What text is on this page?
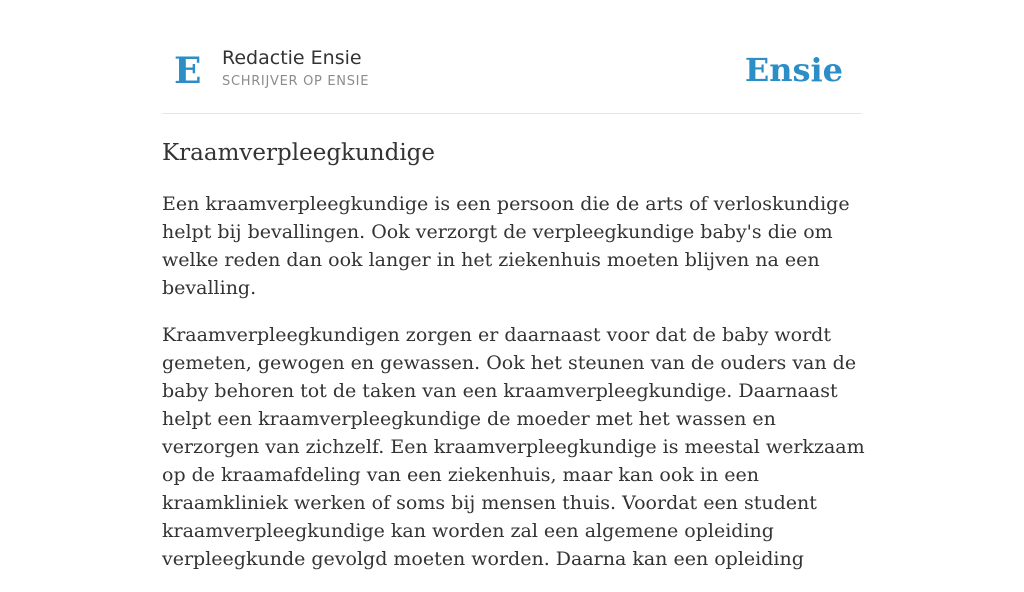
E Redactie Ensie
SCHRIJVER OP ENSIE	Ensie
Kraamverpleegkundige

Een kraamverpleegkundige is een persoon die de arts of verloskundige helpt bij bevallingen. Ook verzorgt de verpleegkundige baby's die om welke reden dan ook langer in het ziekenhuis moeten blijven na een bevalling.

Kraamverpleegkundigen zorgen er daarnaast voor dat de baby wordt gemeten, gewogen en gewassen. Ook het steunen van de ouders van de baby behoren tot de taken van een kraamverpleegkundige. Daarnaast helpt een kraamverpleegkundige de moeder met het wassen en verzorgen van zichzelf. Een kraamverpleegkundige is meestal werkzaam op de kraamafdeling van een ziekenhuis, maar kan ook in een kraamkliniek werken of soms bij mensen thuis. Voordat een student kraamverpleegkundige kan worden zal een algemene opleiding verpleegkunde gevolgd moeten worden. Daarna kan een opleiding
